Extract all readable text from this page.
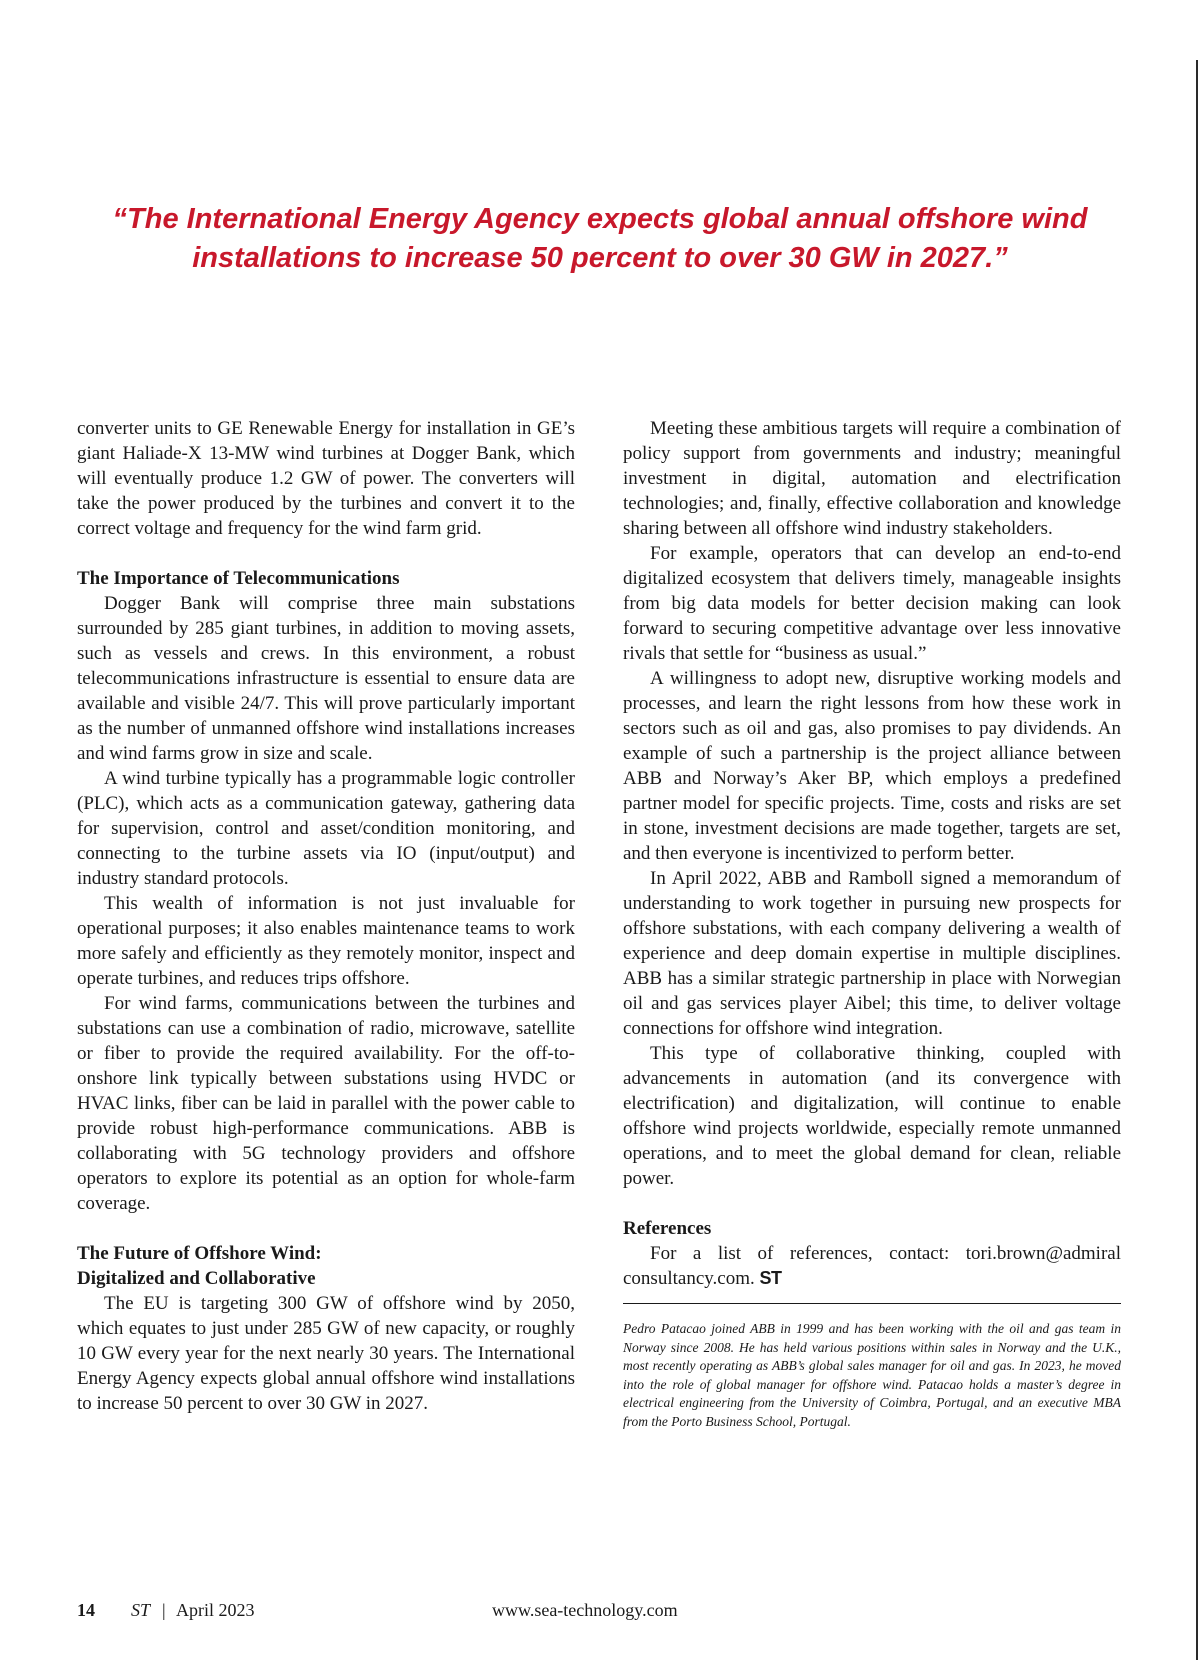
“The International Energy Agency expects global annual offshore wind installations to increase 50 percent to over 30 GW in 2027.”

converter units to GE Renewable Energy for installation in GE’s giant Haliade-X 13-MW wind turbines at Dogger Bank, which will eventually produce 1.2 GW of power. The converters will take the power produced by the turbines and convert it to the correct voltage and frequency for the wind farm grid.

The Importance of Telecommunications

Dogger Bank will comprise three main substations surrounded by 285 giant turbines, in addition to moving assets, such as vessels and crews. In this environment, a robust telecommunications infrastructure is essential to ensure data are available and visible 24/7. This will prove particularly important as the number of unmanned offshore wind installations increases and wind farms grow in size and scale.

A wind turbine typically has a programmable logic controller (PLC), which acts as a communication gateway, gathering data for supervision, control and asset/condition monitoring, and connecting to the turbine assets via IO (input/output) and industry standard protocols.

This wealth of information is not just invaluable for operational purposes; it also enables maintenance teams to work more safely and efficiently as they remotely monitor, inspect and operate turbines, and reduces trips offshore.

For wind farms, communications between the turbines and substations can use a combination of radio, microwave, satellite or fiber to provide the required availability. For the off-to-onshore link typically between substations using HVDC or HVAC links, fiber can be laid in parallel with the power cable to provide robust high-performance communications. ABB is collaborating with 5G technology providers and offshore operators to explore its potential as an option for whole-farm coverage.

The Future of Offshore Wind:
Digitalized and Collaborative

The EU is targeting 300 GW of offshore wind by 2050, which equates to just under 285 GW of new capacity, or roughly 10 GW every year for the next nearly 30 years. The International Energy Agency expects global annual offshore wind installations to increase 50 percent to over 30 GW in 2027.

Meeting these ambitious targets will require a combination of policy support from governments and industry; meaningful investment in digital, automation and electrification technologies; and, finally, effective collaboration and knowledge sharing between all offshore wind industry stakeholders.

For example, operators that can develop an end-to-end digitalized ecosystem that delivers timely, manageable insights from big data models for better decision making can look forward to securing competitive advantage over less innovative rivals that settle for “business as usual.”

A willingness to adopt new, disruptive working models and processes, and learn the right lessons from how these work in sectors such as oil and gas, also promises to pay dividends. An example of such a partnership is the project alliance between ABB and Norway’s Aker BP, which employs a predefined partner model for specific projects. Time, costs and risks are set in stone, investment decisions are made together, targets are set, and then everyone is incentivized to perform better.

In April 2022, ABB and Ramboll signed a memorandum of understanding to work together in pursuing new prospects for offshore substations, with each company delivering a wealth of experience and deep domain expertise in multiple disciplines. ABB has a similar strategic partnership in place with Norwegian oil and gas services player Aibel; this time, to deliver voltage connections for offshore wind integration.

This type of collaborative thinking, coupled with advancements in automation (and its convergence with electrification) and digitalization, will continue to enable offshore wind projects worldwide, especially remote unmanned operations, and to meet the global demand for clean, reliable power.

References

For a list of references, contact: tori.brown@admiral consultancy.com. ST

Pedro Patacao joined ABB in 1999 and has been working with the oil and gas team in Norway since 2008. He has held various positions within sales in Norway and the U.K., most recently operating as ABB’s global sales manager for oil and gas. In 2023, he moved into the role of global manager for offshore wind. Patacao holds a master’s degree in electrical engineering from the University of Coimbra, Portugal, and an executive MBA from the Porto Business School, Portugal.

14 ST | April 2023	www.sea-technology.com
